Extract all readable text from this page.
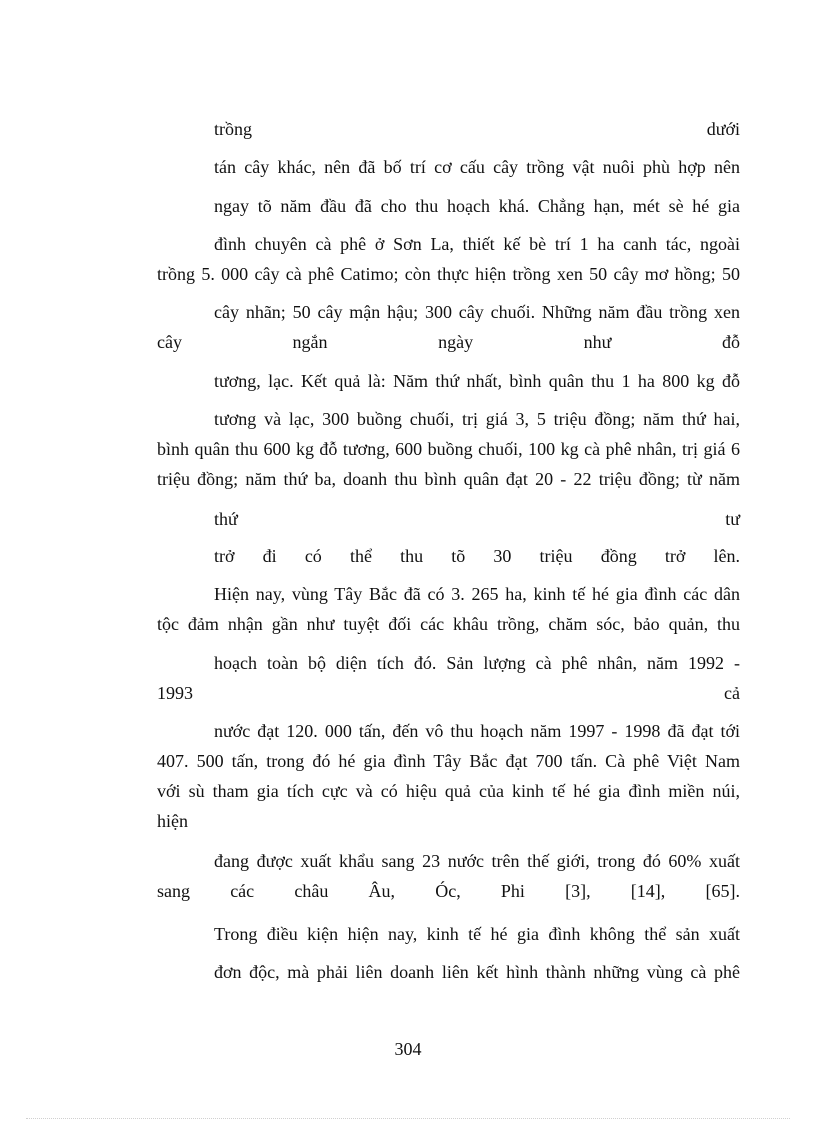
trồng	dưới
tán cây khác, nên đã bố trí cơ cấu cây trồng vật nuôi phù hợp nên
ngay tõ năm đầu đã cho thu hoạch khá. Chẳng hạn, mét sè hé gia
đình chuyên cà phê ở Sơn La, thiết kế bè trí 1 ha canh tác, ngoài
trồng 5. 000 cây cà phê Catimo; còn thực hiện trồng xen 50 cây mơ hồng; 50
cây nhãn; 50 cây mận hậu; 300 cây chuối. Những năm đầu trồng xen
cây	ngắn	ngày	như	đỗ
tương, lạc. Kết quả là: Năm thứ nhất, bình quân thu 1 ha 800 kg đỗ
tương và lạc, 300 buồng chuối, trị giá 3, 5 triệu đồng; năm thứ hai,
bình quân thu 600 kg đỗ tương, 600 buồng chuối, 100 kg cà phê nhân, trị giá 6
triệu đồng; năm thứ ba, doanh thu bình quân đạt 20 - 22 triệu đồng; từ năm
thứ	tư
trở đi có thể thu tõ 30 triệu đồng trở lên.
Hiện nay, vùng Tây Bắc đã có 3. 265 ha, kinh tế hé gia đình các dân
tộc đảm nhận gần như tuyệt đối các khâu trồng, chăm sóc, bảo quản, thu
hoạch toàn bộ diện tích đó. Sản lượng cà phê nhân, năm 1992 -
1993	cả
nước đạt 120. 000 tấn, đến vô thu hoạch năm 1997 - 1998 đã đạt tới
407. 500 tấn, trong đó hé gia đình Tây Bắc đạt 700 tấn. Cà phê Việt Nam
với sù tham gia tích cực và có hiệu quả của kinh tế hé gia đình miền núi,
hiện
đang được xuất khẩu sang 23 nước trên thế giới, trong đó 60% xuất
sang các châu Âu, Óc, Phi [3], [14], [65].
Trong điều kiện hiện nay, kinh tế hé gia đình không thể sản xuất
đơn độc, mà phải liên doanh liên kết hình thành những vùng cà phê
304
